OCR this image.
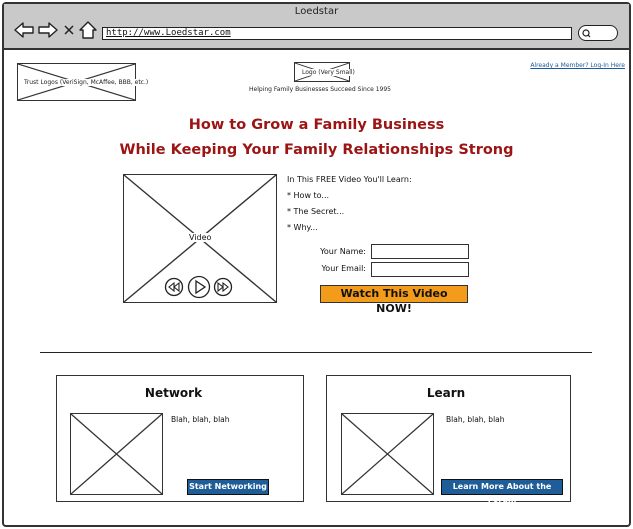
Loedstar
http://www.Loedstar.com
Trust Logos (VeriSign, McAffee, BBB, etc.)
Logo (Very Small)
Helping Family Businesses Succeed Since 1995
Already a Member? Log-In Here
How to Grow a Family Business
While Keeping Your Family Relationships Strong
Video
In This FREE Video You'll Learn:
* How to...
* The Secret...
* Why...
Your Name:
Your Email:
Watch This Video NOW!
Network
Blah, blah, blah
Start Networking
Learn
Blah, blah, blah
Learn More About the Forum
